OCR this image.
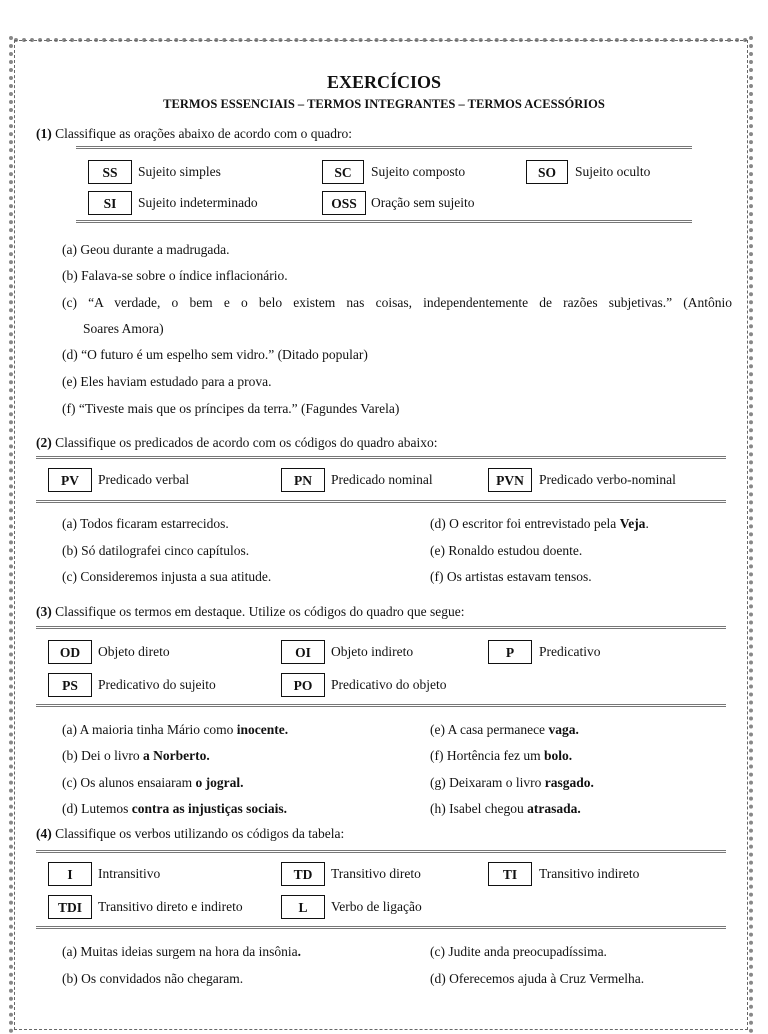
EXERCÍCIOS
TERMOS ESSENCIAIS – TERMOS INTEGRANTES – TERMOS ACESSÓRIOS
(1) Classifique as orações abaixo de acordo com o quadro:
SS	Sujeito simples	SC	Sujeito composto	SO	Sujeito oculto
SI	Sujeito indeterminado	OSS	Oração sem sujeito
(a) Geou durante a madrugada.
(b) Falava-se sobre o índice inflacionário.
(c) “A verdade, o bem e o belo existem nas coisas, independentemente de razões subjetivas.” (Antônio
Soares Amora)
(d) “O futuro é um espelho sem vidro.” (Ditado popular)
(e) Eles haviam estudado para a prova.
(f) “Tiveste mais que os príncipes da terra.” (Fagundes Varela)
(2) Classifique os predicados de acordo com os códigos do quadro abaixo:
PV	Predicado verbal	PN	Predicado nominal	PVN	Predicado verbo-nominal
(a) Todos ficaram estarrecidos.
(b) Só datilografei cinco capítulos.
(c) Consideremos injusta a sua atitude.
(d) O escritor foi entrevistado pela Veja.
(e) Ronaldo estudou doente.
(f) Os artistas estavam tensos.
(3) Classifique os termos em destaque. Utilize os códigos do quadro que segue:
OD	Objeto direto	OI	Objeto indireto	P	Predicativo
PS	Predicativo do sujeito	PO	Predicativo do objeto
(a) A maioria tinha Mário como inocente.
(b) Dei o livro a Norberto.
(c) Os alunos ensaiaram o jogral.
(d) Lutemos contra as injustiças sociais.
(e) A casa permanece vaga.
(f) Hortência fez um bolo.
(g) Deixaram o livro rasgado.
(h) Isabel chegou atrasada.
(4) Classifique os verbos utilizando os códigos da tabela:
I	Intransitivo	TD	Transitivo direto	TI	Transitivo indireto
TDI	Transitivo direto e indireto	L	Verbo de ligação
(a) Muitas ideias surgem na hora da insônia.
(b) Os convidados não chegaram.
(c) Judite anda preocupadíssima.
(d) Oferecemos ajuda à Cruz Vermelha.
